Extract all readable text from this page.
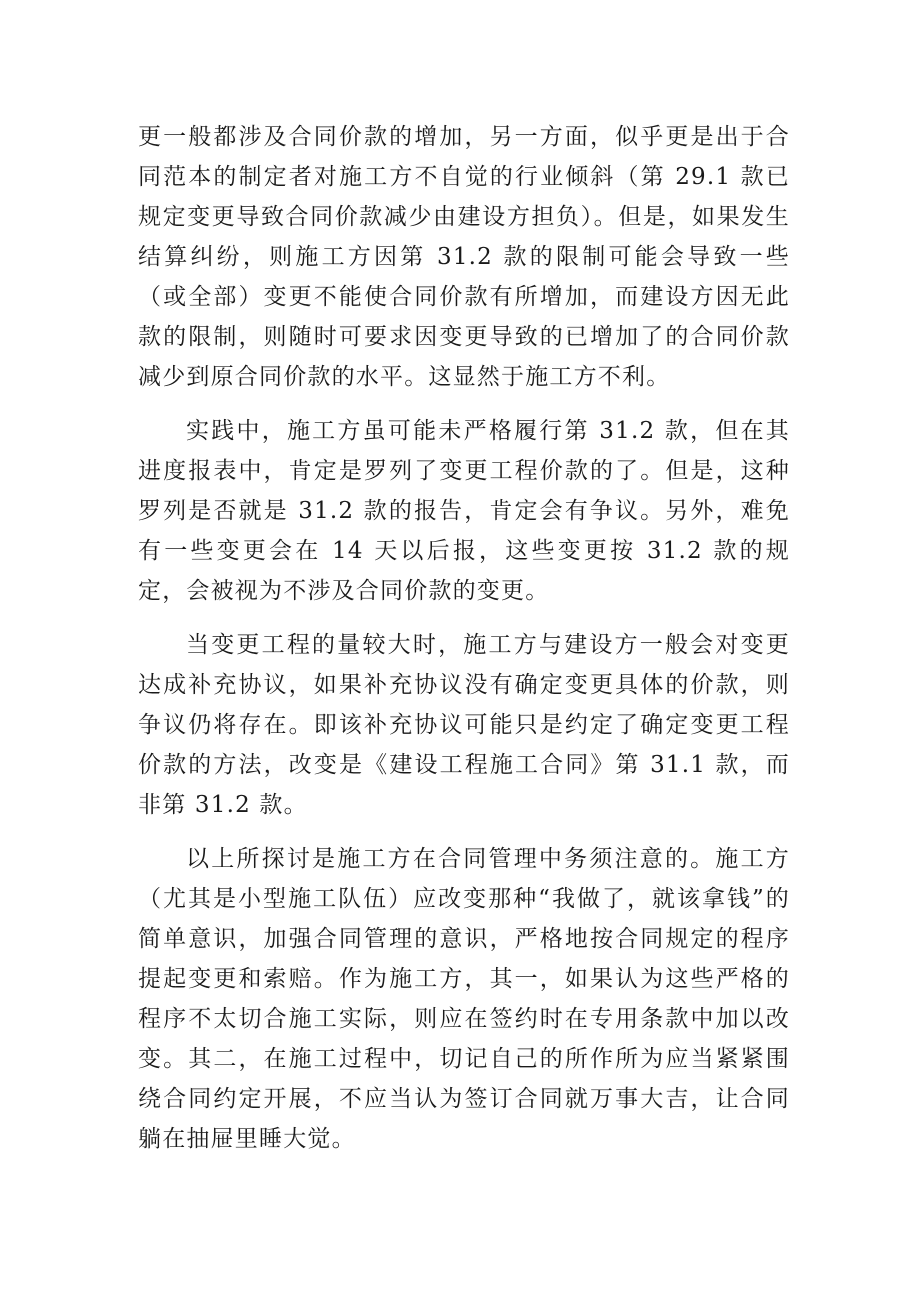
更一般都涉及合同价款的增加，另一方面，似乎更是出于合同范本的制定者对施工方不自觉的行业倾斜（第 29.1 款已规定变更导致合同价款减少由建设方担负）。但是，如果发生结算纠纷，则施工方因第 31.2 款的限制可能会导致一些（或全部）变更不能使合同价款有所增加，而建设方因无此款的限制，则随时可要求因变更导致的已增加了的合同价款减少到原合同价款的水平。这显然于施工方不利。

实践中，施工方虽可能未严格履行第 31.2 款，但在其进度报表中，肯定是罗列了变更工程价款的了。但是，这种罗列是否就是 31.2 款的报告，肯定会有争议。另外，难免有一些变更会在 14 天以后报，这些变更按 31.2 款的规定，会被视为不涉及合同价款的变更。

当变更工程的量较大时，施工方与建设方一般会对变更达成补充协议，如果补充协议没有确定变更具体的价款，则争议仍将存在。即该补充协议可能只是约定了确定变更工程价款的方法，改变是《建设工程施工合同》第 31.1 款，而非第 31.2 款。

以上所探讨是施工方在合同管理中务须注意的。施工方（尤其是小型施工队伍）应改变那种“我做了，就该拿钱”的简单意识，加强合同管理的意识，严格地按合同规定的程序提起变更和索赔。作为施工方，其一，如果认为这些严格的程序不太切合施工实际，则应在签约时在专用条款中加以改变。其二，在施工过程中，切记自己的所作所为应当紧紧围绕合同约定开展，不应当认为签订合同就万事大吉，让合同躺在抽屉里睡大觉。
